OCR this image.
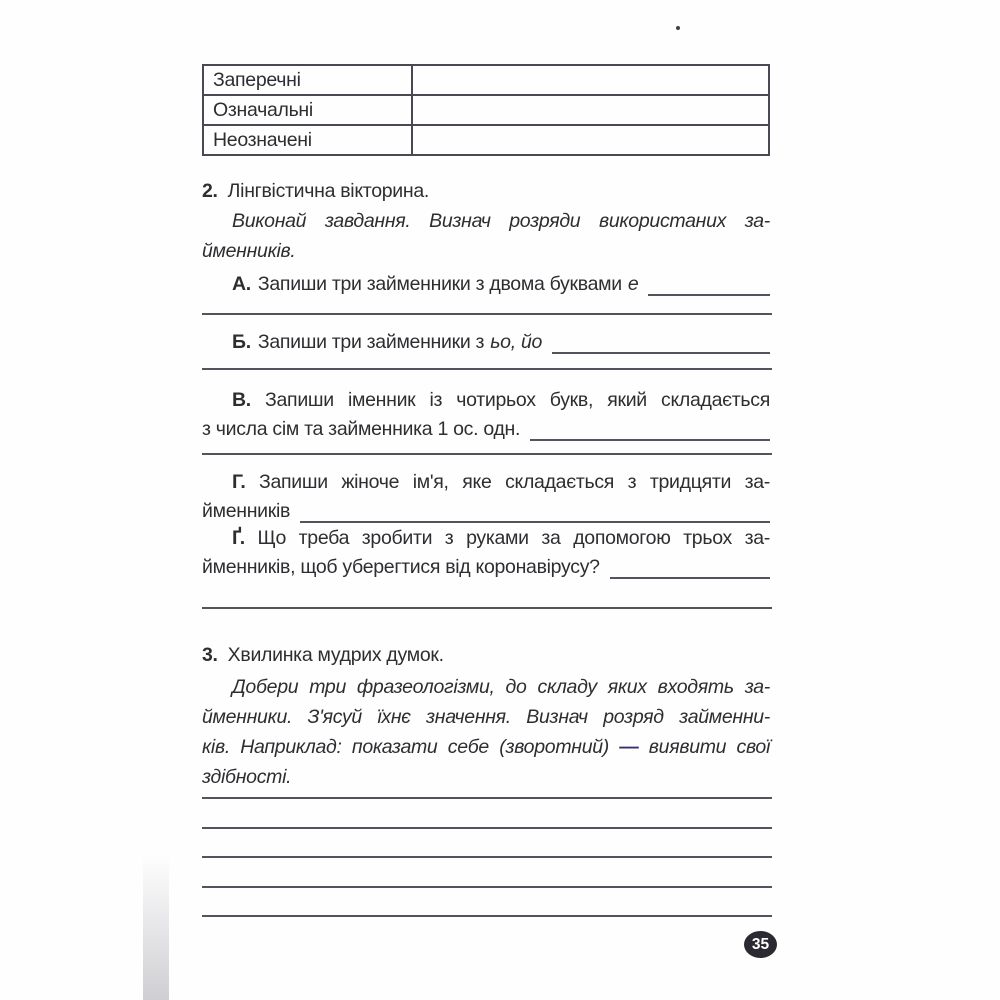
Заперечні	
Означальні	
Неозначені	
2. Лінгвістична вікторина.
Виконай завдання. Визнач розряди використаних за-
йменників.
А. Запиши три займенники з двома буквами е
Б. Запиши три займенники з ьо, йо
В. Запиши іменник із чотирьох букв, який складається
з числа сім та займенника 1 ос. одн.
Г. Запиши жіноче ім'я, яке складається з тридцяти за-
йменників
Ґ. Що треба зробити з руками за допомогою трьох за-
йменників, щоб уберегтися від коронавірусу?
3. Хвилинка мудрих думок.
Добери три фразеологізми, до складу яких входять за-
йменники. З'ясуй їхнє значення. Визнач розряд займенни-
ків. Наприклад: показати себе (зворотний) — виявити свої
здібності.
35
